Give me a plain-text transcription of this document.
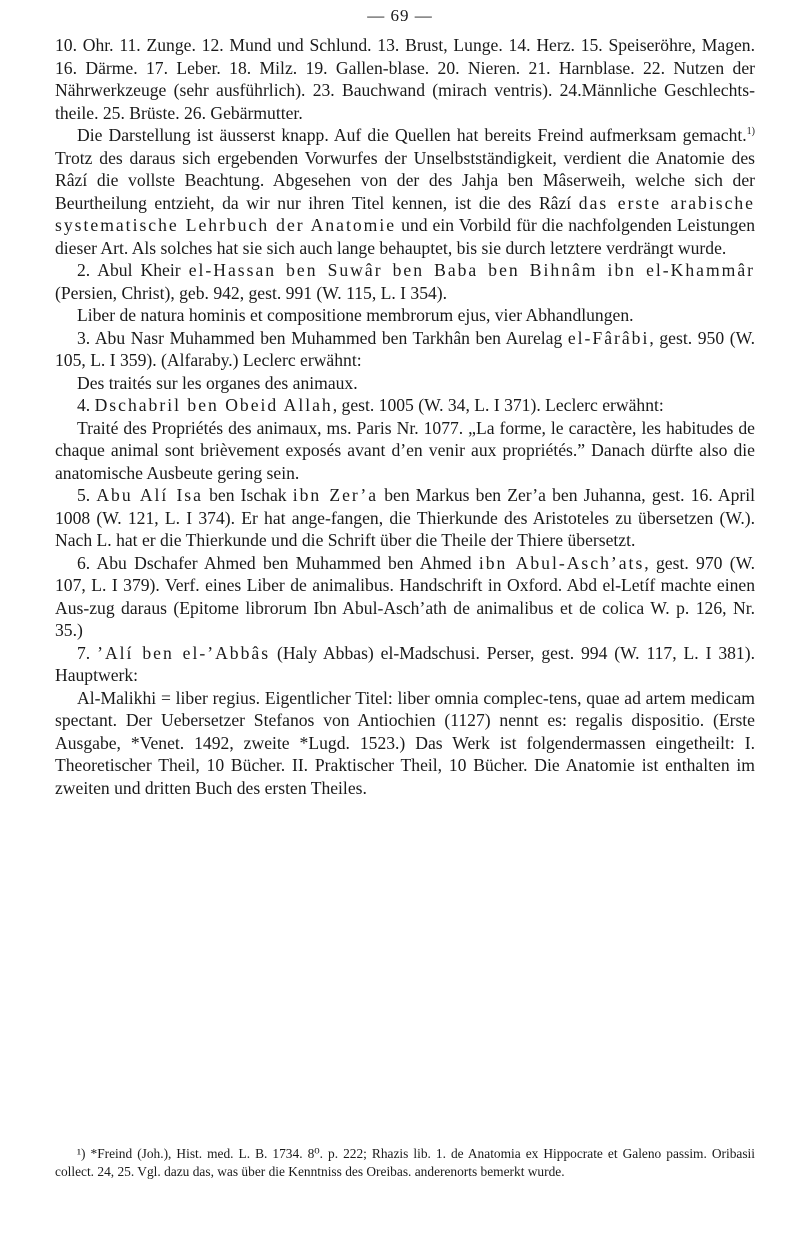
— 69 —

10. Ohr. 11. Zunge. 12. Mund und Schlund. 13. Brust, Lunge. 14. Herz. 15. Speiseröhre, Magen. 16. Därme. 17. Leber. 18. Milz. 19. Gallen-blase. 20. Nieren. 21. Harnblase. 22. Nutzen der Nährwerkzeuge (sehr ausführlich). 23. Bauchwand (mirach ventris). 24.Männliche Geschlechts-theile. 25. Brüste. 26. Gebärmutter.

Die Darstellung ist äusserst knapp. Auf die Quellen hat bereits Freind aufmerksam gemacht.$^{1)}$ Trotz des daraus sich ergebenden Vorwurfes der Unselbstständigkeit, verdient die Anatomie des Râzí die vollste Beachtung. Abgesehen von der des Jahja ben Mâserweih, welche sich der Beurtheilung entzieht, da wir nur ihren Titel kennen, ist die des Râzí das erste arabische systematische Lehrbuch der Anatomie und ein Vorbild für die nachfolgenden Leistungen dieser Art. Als solches hat sie sich auch lange behauptet, bis sie durch letztere verdrängt wurde.

2. Abul Kheir el-Hassan ben Suwâr ben Baba ben Bihnâm ibn el-Khammâr (Persien, Christ), geb. 942, gest. 991 (W. 115, L. I 354).

Liber de natura hominis et compositione membrorum ejus, vier Abhandlungen.

3. Abu Nasr Muhammed ben Muhammed ben Tarkhân ben Aurelag el-Fârâbi, gest. 950 (W. 105, L. I 359). (Alfaraby.) Leclerc erwähnt:

Des traités sur les organes des animaux.

4. Dschabril ben Obeid Allah, gest. 1005 (W. 34, L. I 371). Leclerc erwähnt:

Traité des Propriétés des animaux, ms. Paris Nr. 1077. „La forme, le caractère, les habitudes de chaque animal sont brièvement exposés avant d’en venir aux propriétés.” Danach dürfte also die anatomische Ausbeute gering sein.

5. Abu Alí Isa ben Ischak ibn Zer’a ben Markus ben Zer’a ben Juhanna, gest. 16. April 1008 (W. 121, L. I 374). Er hat ange-fangen, die Thierkunde des Aristoteles zu übersetzen (W.). Nach L. hat er die Thierkunde und die Schrift über die Theile der Thiere übersetzt.

6. Abu Dschafer Ahmed ben Muhammed ben Ahmed ibn Abul-Asch’ats, gest. 970 (W. 107, L. I 379). Verf. eines Liber de animalibus. Handschrift in Oxford. Abd el-Letíf machte einen Aus-zug daraus (Epitome librorum Ibn Abul-Asch’ath de animalibus et de colica W. p. 126, Nr. 35.)

7. ’Alí ben el-’Abbâs (Haly Abbas) el-Madschusi. Perser, gest. 994 (W. 117, L. I 381). Hauptwerk:

Al-Malikhi = liber regius. Eigentlicher Titel: liber omnia complec-tens, quae ad artem medicam spectant. Der Uebersetzer Stefanos von Antiochien (1127) nennt es: regalis dispositio. (Erste Ausgabe, *Venet. 1492, zweite *Lugd. 1523.) Das Werk ist folgendermassen eingetheilt: I. Theoretischer Theil, 10 Bücher. II. Praktischer Theil, 10 Bücher. Die Anatomie ist enthalten im zweiten und dritten Buch des ersten Theiles.

¹) *Freind (Joh.), Hist. med. L. B. 1734. 8⁰. p. 222; Rhazis lib. 1. de Anatomia ex Hippocrate et Galeno passim. Oribasii collect. 24, 25. Vgl. dazu das, was über die Kenntniss des Oreibas. anderenorts bemerkt wurde.
